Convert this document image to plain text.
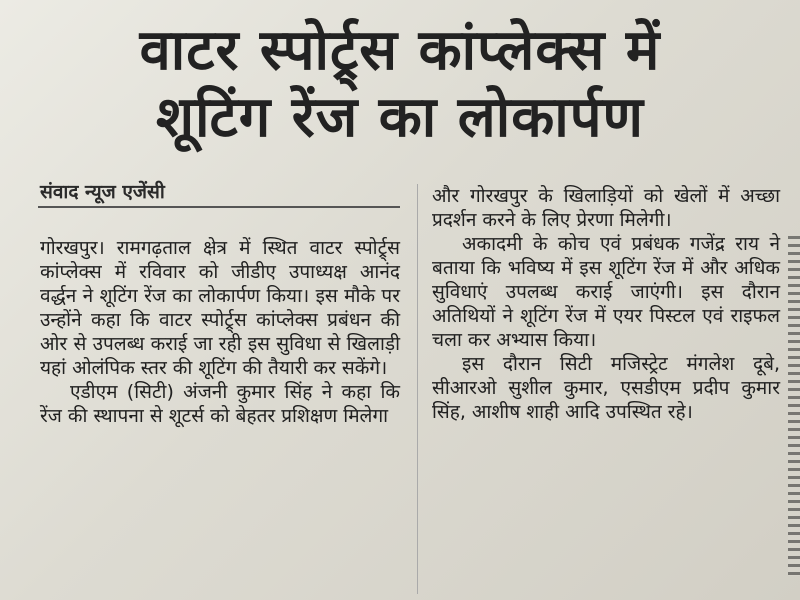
वाटर स्पोर्ट्र्स कांप्लेक्स में
शूटिंग रेंज का लोकार्पण
संवाद न्यूज एजेंसी

गोरखपुर। रामगढ़ताल क्षेत्र में स्थित वाटर स्पोर्ट्र्स कांप्लेक्स में रविवार को जीडीए उपाध्यक्ष आनंद वर्द्धन ने शूटिंग रेंज का लोकार्पण किया। इस मौके पर उन्होंने कहा कि वाटर स्पोर्ट्र्स कांप्लेक्स प्रबंधन की ओर से उपलब्ध कराई जा रही इस सुविधा से खिलाड़ी यहां ओलंपिक स्तर की शूटिंग की तैयारी कर सकेंगे।

एडीएम (सिटी) अंजनी कुमार सिंह ने कहा कि रेंज की स्थापना से शूटर्स को बेहतर प्रशिक्षण मिलेगा

और गोरखपुर के खिलाड़ियों को खेलों में अच्छा प्रदर्शन करने के लिए प्रेरणा मिलेगी।

अकादमी के कोच एवं प्रबंधक गजेंद्र राय ने बताया कि भविष्य में इस शूटिंग रेंज में और अधिक सुविधाएं उपलब्ध कराई जाएंगी। इस दौरान अतिथियों ने शूटिंग रेंज में एयर पिस्टल एवं राइफल चला कर अभ्यास किया।

इस दौरान सिटी मजिस्ट्रेट मंगलेश दूबे, सीआरओ सुशील कुमार, एसडीएम प्रदीप कुमार सिंह, आशीष शाही आदि उपस्थित रहे।
